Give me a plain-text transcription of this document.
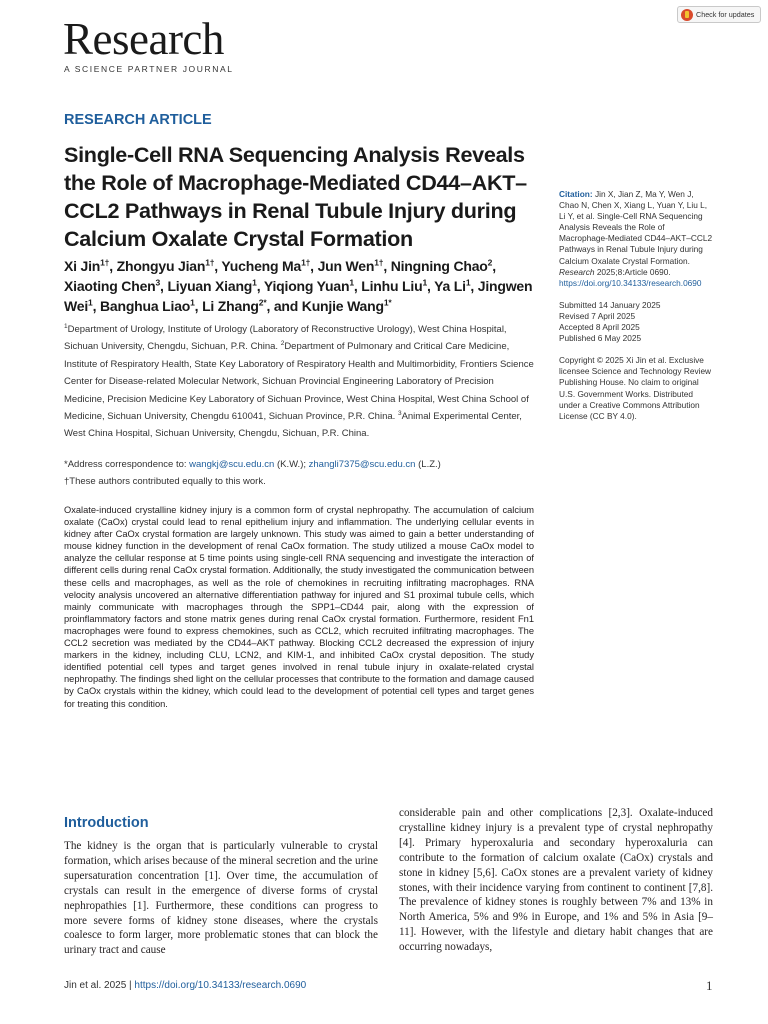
Research
A SCIENCE PARTNER JOURNAL
Check for updates
RESEARCH ARTICLE
Single-Cell RNA Sequencing Analysis Reveals the Role of Macrophage-Mediated CD44–AKT–CCL2 Pathways in Renal Tubule Injury during Calcium Oxalate Crystal Formation
Xi Jin$^{1\dagger}$, Zhongyu Jian$^{1\dagger}$, Yucheng $Ma^{1\dagger}$, Jun Wen$^{1\dagger}$, Ningning Chao$^2$, Xiaoting Chen$^3$, Liyuan Xiang$^1$, Yiqiong Yuan$^1$, Linhu Liu$^1$, Ya Li$^1$, Jingwen Wei$^1$, Banghua Liao$^1$, Li Zhang$^{2*}$, and Kunjie Wang$^{1*}$
$^1$Department of Urology, Institute of Urology (Laboratory of Reconstructive Urology), West China Hospital, Sichuan University, Chengdu, Sichuan, P.R. China. $^2$Department of Pulmonary and Critical Care Medicine, Institute of Respiratory Health, State Key Laboratory of Respiratory Health and Multimorbidity, Frontiers Science Center for Disease-related Molecular Network, Sichuan Provincial Engineering Laboratory of Precision Medicine, Precision Medicine Key Laboratory of Sichuan Province, West China Hospital, West China School of Medicine, Sichuan University, Chengdu 610041, Sichuan Province, P.R. China. $^3$Animal Experimental Center, West China Hospital, Sichuan University, Chengdu, Sichuan, P.R. China.
*Address correspondence to: wangkj@scu.edu.cn (K.W.); zhangli7375@scu.edu.cn (L.Z.)
†These authors contributed equally to this work.
Oxalate-induced crystalline kidney injury is a common form of crystal nephropathy. The accumulation of calcium oxalate (CaOx) crystal could lead to renal epithelium injury and inflammation. The underlying cellular events in kidney after CaOx crystal formation are largely unknown. This study was aimed to gain a better understanding of mouse kidney function in the development of renal CaOx formation. The study utilized a mouse CaOx model to analyze the cellular response at 5 time points using single-cell RNA sequencing and investigate the interaction of different cells during renal CaOx crystal formation. Additionally, the study investigated the communication between these cells and macrophages, as well as the role of chemokines in recruiting infiltrating macrophages. RNA velocity analysis uncovered an alternative differentiation pathway for injured and S1 proximal tubule cells, which mainly communicate with macrophages through the SPP1–CD44 pair, along with the expression of proinflammatory factors and stone matrix genes during renal CaOx crystal formation. Furthermore, resident Fn1 macrophages were found to express chemokines, such as CCL2, which recruited infiltrating macrophages. The CCL2 secretion was mediated by the CD44–AKT pathway. Blocking CCL2 decreased the expression of injury markers in the kidney, including CLU, LCN2, and KIM-1, and inhibited CaOx crystal deposition. The study identified potential cell types and target genes involved in renal tubule injury in oxalate-related crystal nephropathy. The findings shed light on the cellular processes that contribute to the formation and damage caused by CaOx crystals within the kidney, which could lead to the development of potential cell types and target genes for treating this condition.
Citation: Jin X, Jian Z, Ma Y, Wen J, Chao N, Chen X, Xiang L, Yuan Y, Liu L, Li Y, et al. Single-Cell RNA Sequencing Analysis Reveals the Role of Macrophage-Mediated CD44–AKT–CCL2 Pathways in Renal Tubule Injury during Calcium Oxalate Crystal Formation. Research 2025;8:Article 0690. https://doi.org/10.34133/research.0690
Submitted 14 January 2025
Revised 7 April 2025
Accepted 8 April 2025
Published 6 May 2025
Copyright © 2025 Xi Jin et al. Exclusive licensee Science and Technology Review Publishing House. No claim to original U.S. Government Works. Distributed under a Creative Commons Attribution License (CC BY 4.0).
Introduction
The kidney is the organ that is particularly vulnerable to crystal formation, which arises because of the mineral secretion and the urine supersaturation concentration [1]. Over time, the accumulation of crystals can result in the emergence of diverse forms of crystal nephropathies [1]. Furthermore, these conditions can progress to more severe forms of kidney stone diseases, where the crystals coalesce to form larger, more problematic stones that can block the urinary tract and cause
considerable pain and other complications [2,3]. Oxalate-induced crystalline kidney injury is a prevalent type of crystal nephropathy [4]. Primary hyperoxaluria and secondary hyperoxaluria can contribute to the formation of calcium oxalate (CaOx) crystals and stone in kidney [5,6]. CaOx stones are a prevalent variety of kidney stones, with their incidence varying from continent to continent [7,8]. The prevalence of kidney stones is roughly between 7% and 13% in North America, 5% and 9% in Europe, and 1% and 5% in Asia [9–11]. However, with the lifestyle and dietary habit changes that are occurring nowadays,
Jin et al. 2025 | https://doi.org/10.34133/research.0690	1
